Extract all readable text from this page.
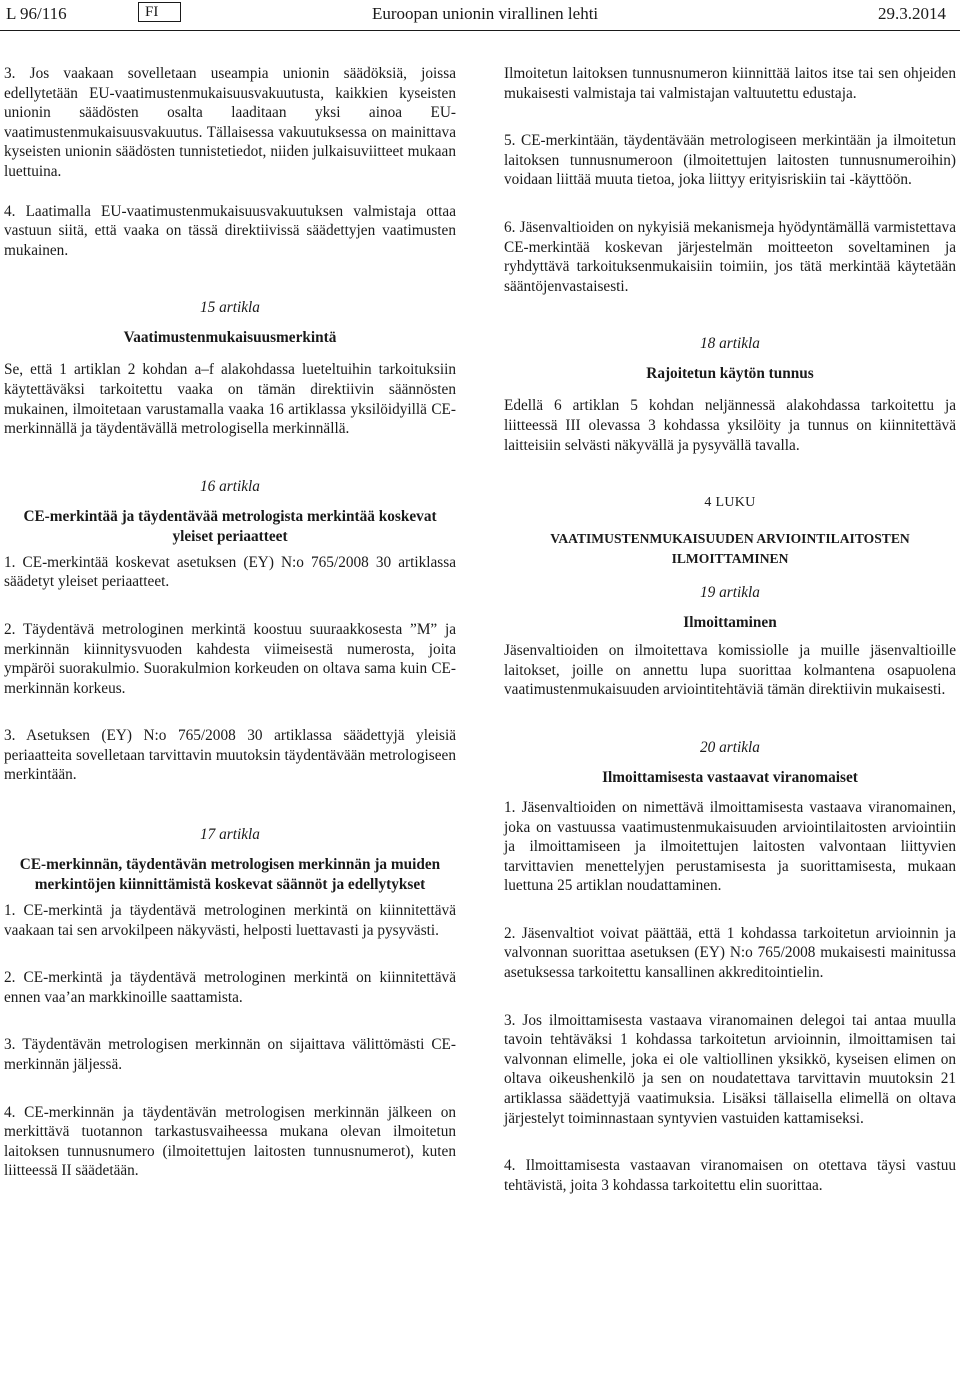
L 96/116	FI	Euroopan unionin virallinen lehti	29.3.2014

3. Jos vaakaan sovelletaan useampia unionin säädöksiä, joissa edellytetään EU-vaatimustenmukaisuusvakuutusta, kaikkien kyseisten unionin säädösten osalta laaditaan yksi ainoa EU-vaatimustenmukaisuusvakuutus. Tällaisessa vakuutuksessa on mainittava kyseisten unionin säädösten tunnistetiedot, niiden julkaisuviitteet mukaan luettuina.

4. Laatimalla EU-vaatimustenmukaisuusvakuutuksen valmistaja ottaa vastuun siitä, että vaaka on tässä direktiivissä säädettyjen vaatimusten mukainen.

15 artikla

Vaatimustenmukaisuusmerkintä

Se, että 1 artiklan 2 kohdan a–f alakohdassa lueteltuihin tarkoituksiin käytettäväksi tarkoitettu vaaka on tämän direktiivin säännösten mukainen, ilmoitetaan varustamalla vaaka 16 artiklassa yksilöidyillä CE-merkinnällä ja täydentävällä metrologisella merkinnällä.

16 artikla

CE-merkintää ja täydentävää metrologista merkintää koskevat yleiset periaatteet

1. CE-merkintää koskevat asetuksen (EY) N:o 765/2008 30 artiklassa säädetyt yleiset periaatteet.

2. Täydentävä metrologinen merkintä koostuu suuraakkosesta ”M” ja merkinnän kiinnitysvuoden kahdesta viimeisestä numerosta, joita ympäröi suorakulmio. Suorakulmion korkeuden on oltava sama kuin CE-merkinnän korkeus.

3. Asetuksen (EY) N:o 765/2008 30 artiklassa säädettyjä yleisiä periaatteita sovelletaan tarvittavin muutoksin täydentävään metrologiseen merkintään.

17 artikla

CE-merkinnän, täydentävän metrologisen merkinnän ja muiden merkintöjen kiinnittämistä koskevat säännöt ja edellytykset

1. CE-merkintä ja täydentävä metrologinen merkintä on kiinnitettävä vaakaan tai sen arvokilpeen näkyvästi, helposti luettavasti ja pysyvästi.

2. CE-merkintä ja täydentävä metrologinen merkintä on kiinnitettävä ennen vaa’an markkinoille saattamista.

3. Täydentävän metrologisen merkinnän on sijaittava välittömästi CE-merkinnän jäljessä.

4. CE-merkinnän ja täydentävän metrologisen merkinnän jälkeen on merkittävä tuotannon tarkastusvaiheessa mukana olevan ilmoitetun laitoksen tunnusnumero (ilmoitettujen laitosten tunnusnumerot), kuten liitteessä II säädetään.

Ilmoitetun laitoksen tunnusnumeron kiinnittää laitos itse tai sen ohjeiden mukaisesti valmistaja tai valmistajan valtuutettu edustaja.

5. CE-merkintään, täydentävään metrologiseen merkintään ja ilmoitetun laitoksen tunnusnumeroon (ilmoitettujen laitosten tunnusnumeroihin) voidaan liittää muuta tietoa, joka liittyy erityisriskiin tai -käyttöön.

6. Jäsenvaltioiden on nykyisiä mekanismeja hyödyntämällä varmistettava CE-merkintää koskevan järjestelmän moitteeton soveltaminen ja ryhdyttävä tarkoituksenmukaisiin toimiin, jos tätä merkintää käytetään sääntöjenvastaisesti.

18 artikla

Rajoitetun käytön tunnus

Edellä 6 artiklan 5 kohdan neljännessä alakohdassa tarkoitettu ja liitteessä III olevassa 3 kohdassa yksilöity ja tunnus on kiinnitettävä laitteisiin selvästi näkyvällä ja pysyvällä tavalla.

4 LUKU

VAATIMUSTENMUKAISUUDEN ARVIOINTILAITOSTEN ILMOITTAMINEN

19 artikla

Ilmoittaminen

Jäsenvaltioiden on ilmoitettava komissiolle ja muille jäsenvaltioille laitokset, joille on annettu lupa suorittaa kolmantena osapuolena vaatimustenmukaisuuden arviointitehtäviä tämän direktiivin mukaisesti.

20 artikla

Ilmoittamisesta vastaavat viranomaiset

1. Jäsenvaltioiden on nimettävä ilmoittamisesta vastaava viranomainen, joka on vastuussa vaatimustenmukaisuuden arviointilaitosten arviointiin ja ilmoittamiseen ja ilmoitettujen laitosten valvontaan liittyvien tarvittavien menettelyjen perustamisesta ja suorittamisesta, mukaan luettuna 25 artiklan noudattaminen.

2. Jäsenvaltiot voivat päättää, että 1 kohdassa tarkoitetun arvioinnin ja valvonnan suorittaa asetuksen (EY) N:o 765/2008 mukaisesti mainitussa asetuksessa tarkoitettu kansallinen akkreditointielin.

3. Jos ilmoittamisesta vastaava viranomainen delegoi tai antaa muulla tavoin tehtäväksi 1 kohdassa tarkoitetun arvioinnin, ilmoittamisen tai valvonnan elimelle, joka ei ole valtiollinen yksikkö, kyseisen elimen on oltava oikeushenkilö ja sen on noudatettava tarvittavin muutoksin 21 artiklassa säädettyjä vaatimuksia. Lisäksi tällaisella elimellä on oltava järjestelyt toiminnastaan syntyvien vastuiden kattamiseksi.

4. Ilmoittamisesta vastaavan viranomaisen on otettava täysi vastuu tehtävistä, joita 3 kohdassa tarkoitettu elin suorittaa.
